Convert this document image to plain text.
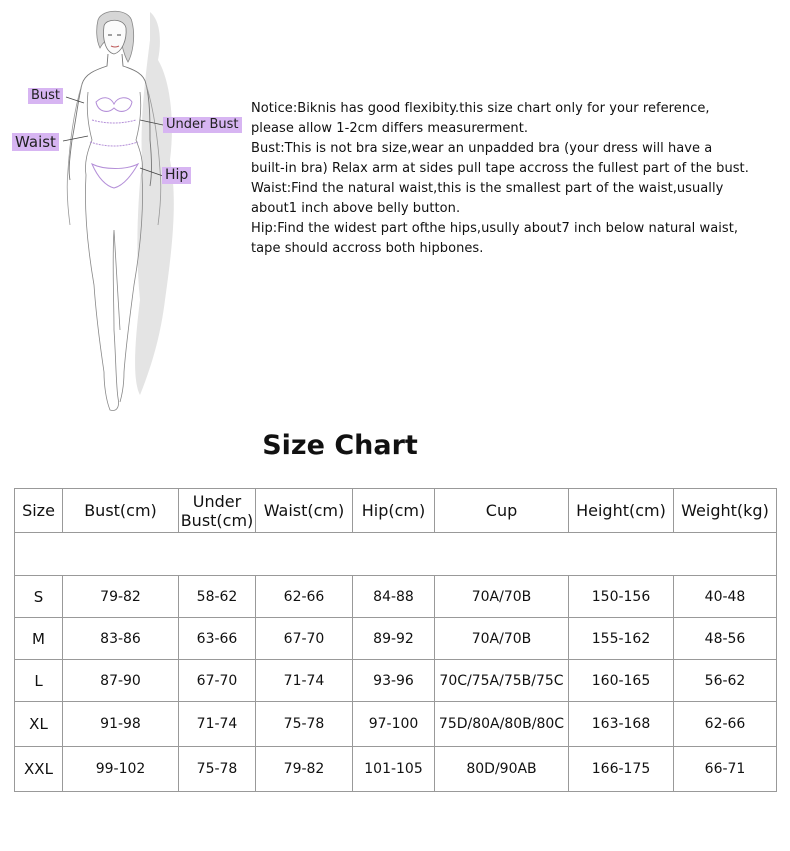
Bust
Under Bust
Waist
Hip
Notice:Biknis has good flexibity.this size chart only for your reference,
please allow 1-2cm differs measurerment.
Bust:This is not bra size,wear an unpadded bra (your dress will have a
built-in bra) Relax arm at sides pull tape accross the fullest part of the bust.
Waist:Find the natural waist,this is the smallest part of the waist,usually
about1 inch above belly button.
Hip:Find the widest part ofthe hips,usully about7 inch below natural waist,
tape should accross both hipbones.
Size Chart
Size	Bust(cm)	Under Bust(cm)	Waist(cm)	Hip(cm)	Cup	Height(cm)	Weight(kg)

S	79-82	58-62	62-66	84-88	70A/70B	150-156	40-48
M	83-86	63-66	67-70	89-92	70A/70B	155-162	48-56
L	87-90	67-70	71-74	93-96	70C/75A/75B/75C	160-165	56-62
XL	91-98	71-74	75-78	97-100	75D/80A/80B/80C	163-168	62-66
XXL	99-102	75-78	79-82	101-105	80D/90AB	166-175	66-71
